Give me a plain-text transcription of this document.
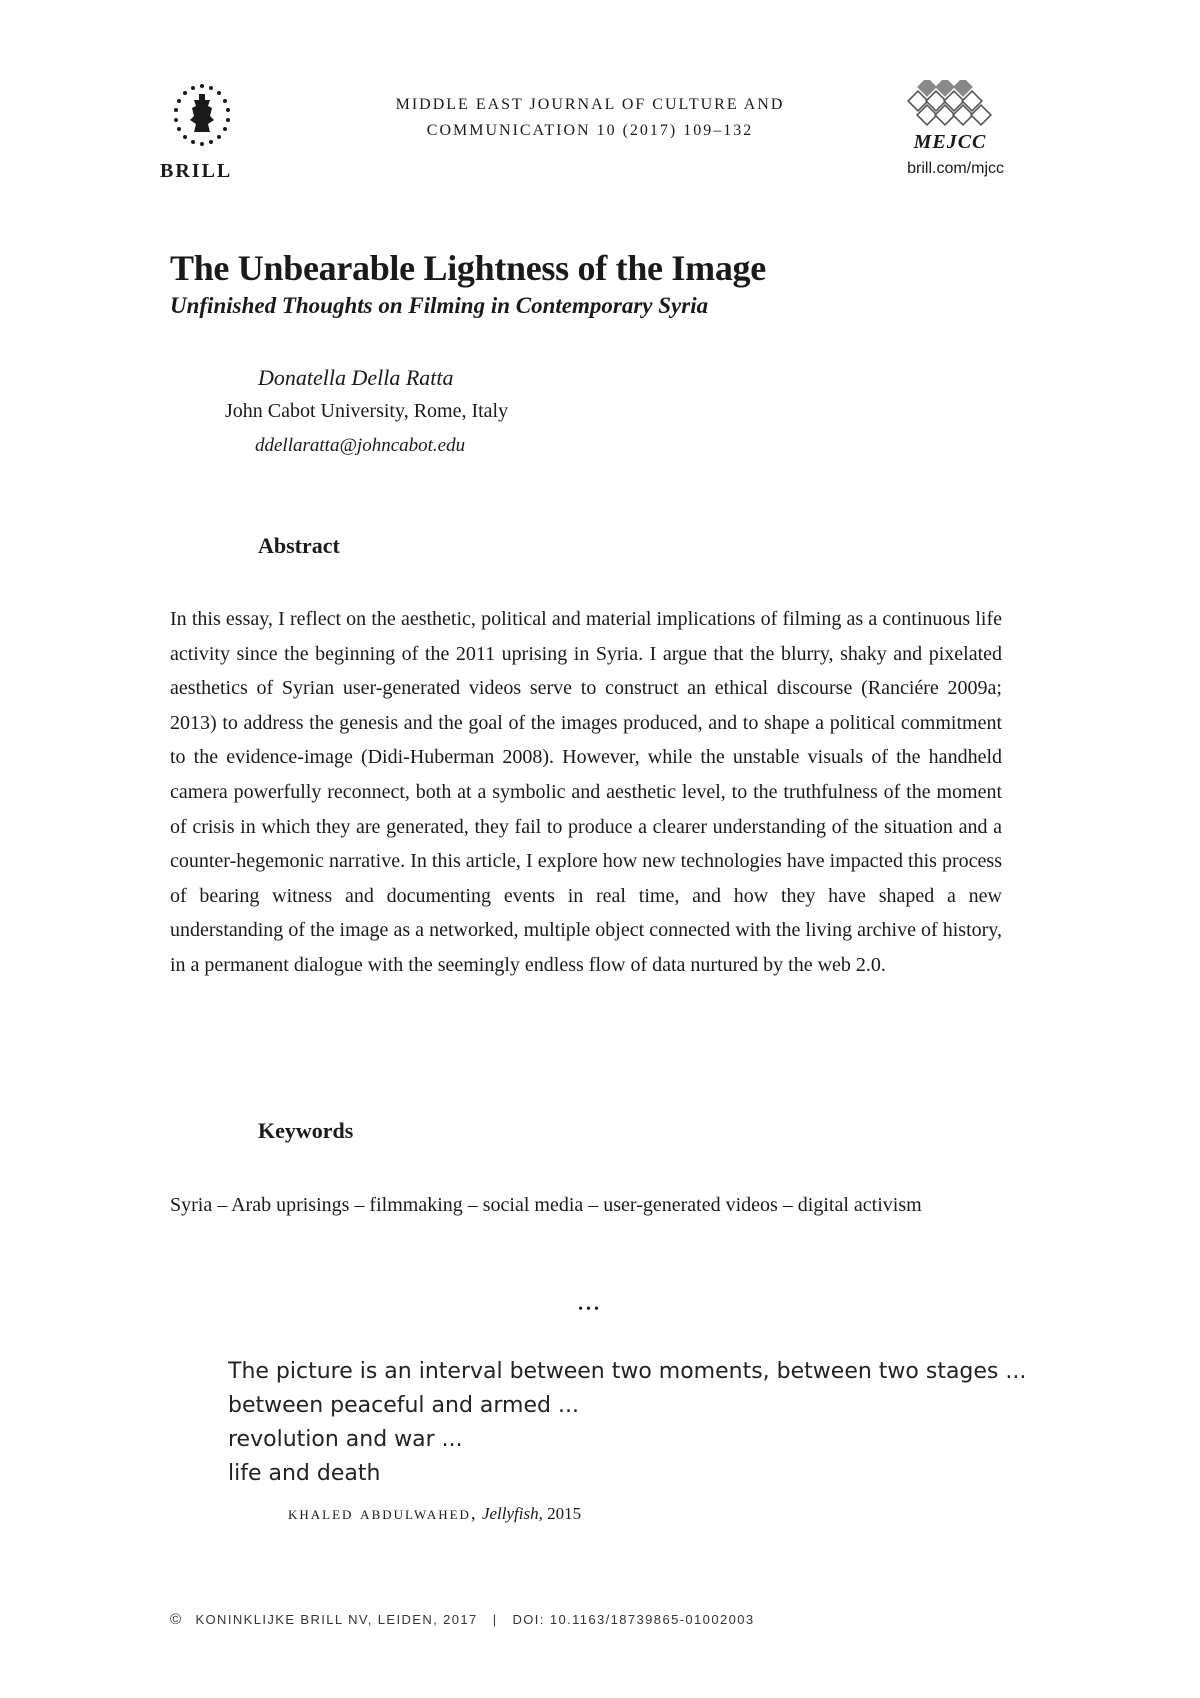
BRILL
MIDDLE EAST JOURNAL OF CULTURE AND
COMMUNICATION 10 (2017) 109–132
MEJCC
brill.com/mjcc
The Unbearable Lightness of the Image
Unfinished Thoughts on Filming in Contemporary Syria
Donatella Della Ratta
John Cabot University, Rome, Italy
ddellaratta@johncabot.edu
Abstract
In this essay, I reflect on the aesthetic, political and material implications of filming as a continuous life activity since the beginning of the 2011 uprising in Syria. I argue that the blurry, shaky and pixelated aesthetics of Syrian user-generated videos serve to construct an ethical discourse (Ranciére 2009a; 2013) to address the genesis and the goal of the images produced, and to shape a political commitment to the evidence-image (Didi-Huberman 2008). However, while the unstable visuals of the handheld camera powerfully reconnect, both at a symbolic and aesthetic level, to the truthfulness of the moment of crisis in which they are generated, they fail to produce a clearer understanding of the situation and a counter-hegemonic narrative. In this article, I explore how new technologies have impacted this process of bearing witness and documenting events in real time, and how they have shaped a new understanding of the image as a networked, multiple object connected with the living archive of history, in a permanent dialogue with the seemingly endless flow of data nurtured by the web 2.0.
Keywords
Syria – Arab uprisings – filmmaking – social media – user-generated videos – digital activism
•••
The picture is an interval between two moments, between two stages ...
between peaceful and armed ...
revolution and war ...
life and death
khaled abdulwahed, Jellyfish, 2015
© KONINKLIJKE BRILL NV, LEIDEN, 2017 | DOI: 10.1163/18739865-01002003
